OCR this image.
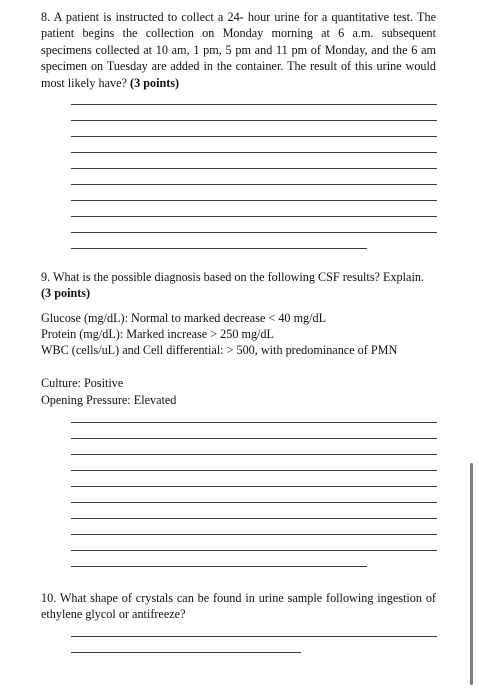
8. A patient is instructed to collect a 24- hour urine for a quantitative test. The patient begins the collection on Monday morning at 6 a.m. subsequent specimens collected at 10 am, 1 pm, 5 pm and 11 pm of Monday, and the 6 am specimen on Tuesday are added in the container. The result of this urine would most likely have? (3 points)

9. What is the possible diagnosis based on the following CSF results? Explain. (3 points)

Glucose (mg/dL): Normal to marked decrease < 40 mg/dL

Protein (mg/dL): Marked increase > 250 mg/dL

WBC (cells/uL) and Cell differential: > 500, with predominance of PMN

Culture: Positive

Opening Pressure: Elevated

10. What shape of crystals can be found in urine sample following ingestion of ethylene glycol or antifreeze?
